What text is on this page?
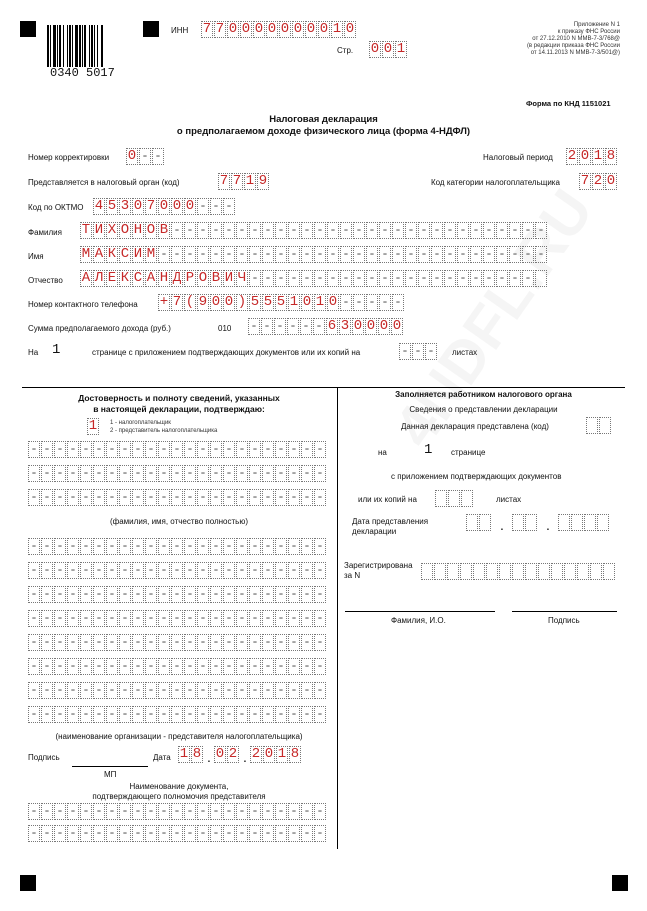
0340 5017
ИНН 7 7 0 0 0 0 0 0 0 0 1 0
Стр. 0 0 1
Приложение N 1
к приказу ФНС России
от 27.12.2010 N ММВ-7-3/768@
(в редакции приказа ФНС России
от 14.11.2013 N ММВ-7-3/501@)
Форма по КНД 1151021
Налоговая декларация
о предполагаемом доходе физического лица (форма 4-НДФЛ)
Номер корректировки 0 - -	Налоговый период 2 0 1 8
Представляется в налоговый орган (код)	7 7 1 9	Код категории налогоплательщика 7 2 0
Код по ОКТМО 4 5 3 0 7 0 0 0 - - -
Фамилия Т И Х О Н О В - - - - - - - - - - - - - - - - - - - - - - - - - - - - -
Имя	М А К С И М - - - - - - - - - - - - - - - - - - - - - - - - - - - - - -
Отчество А Л Е К С А Н Д Р О В И Ч - - - - - - - - - - - - - - - - - - - - - -

Номер контактного телефона + 7 ( 9 0 0 ) 5 5 5 1 0 1 0 - - - - -
Сумма предполагаемого дохода (руб.)	010 - - - - - - 6 3 0 0 0 0
На 1	странице с приложением подтверждающих документов или их копий на	- - -	листах
Достоверность и полноту сведений, указанных
в настоящей декларации, подтверждаю:
1 1 - налогоплательщик
2 - представитель налогоплательщика
- - - - - - - - - - - - - - - - - - - - - - -
- - - - - - - - - - - - - - - - - - - - - - -
- - - - - - - - - - - - - - - - - - - - - - -
(фамилия, имя, отчество полностью)
- - - - - - - - - - - - - - - - - - - - - - -
- - - - - - - - - - - - - - - - - - - - - - -
- - - - - - - - - - - - - - - - - - - - - - -
- - - - - - - - - - - - - - - - - - - - - - -
- - - - - - - - - - - - - - - - - - - - - - -
- - - - - - - - - - - - - - - - - - - - - - -
- - - - - - - - - - - - - - - - - - - - - - -
- - - - - - - - - - - - - - - - - - - - - - -
(наименование организации - представителя налогоплательщика)
Подпись	Дата 1 8 . 0 2 . 2 0 1 8
МП
Наименование документа,
подтверждающего полномочия представителя
- - - - - - - - - - - - - - - - - - - - - - -
- - - - - - - - - - - - - - - - - - - - - - -
Заполняется работником налогового органа
Сведения о представлении декларации
Данная декларация представлена (код)

на	1 странице
с приложением подтверждающих документов
или их копий на

	листах
Дата представления
декларации

	.

	.

Зарегистрирована
за N

Фамилия, И.О.	Подпись
